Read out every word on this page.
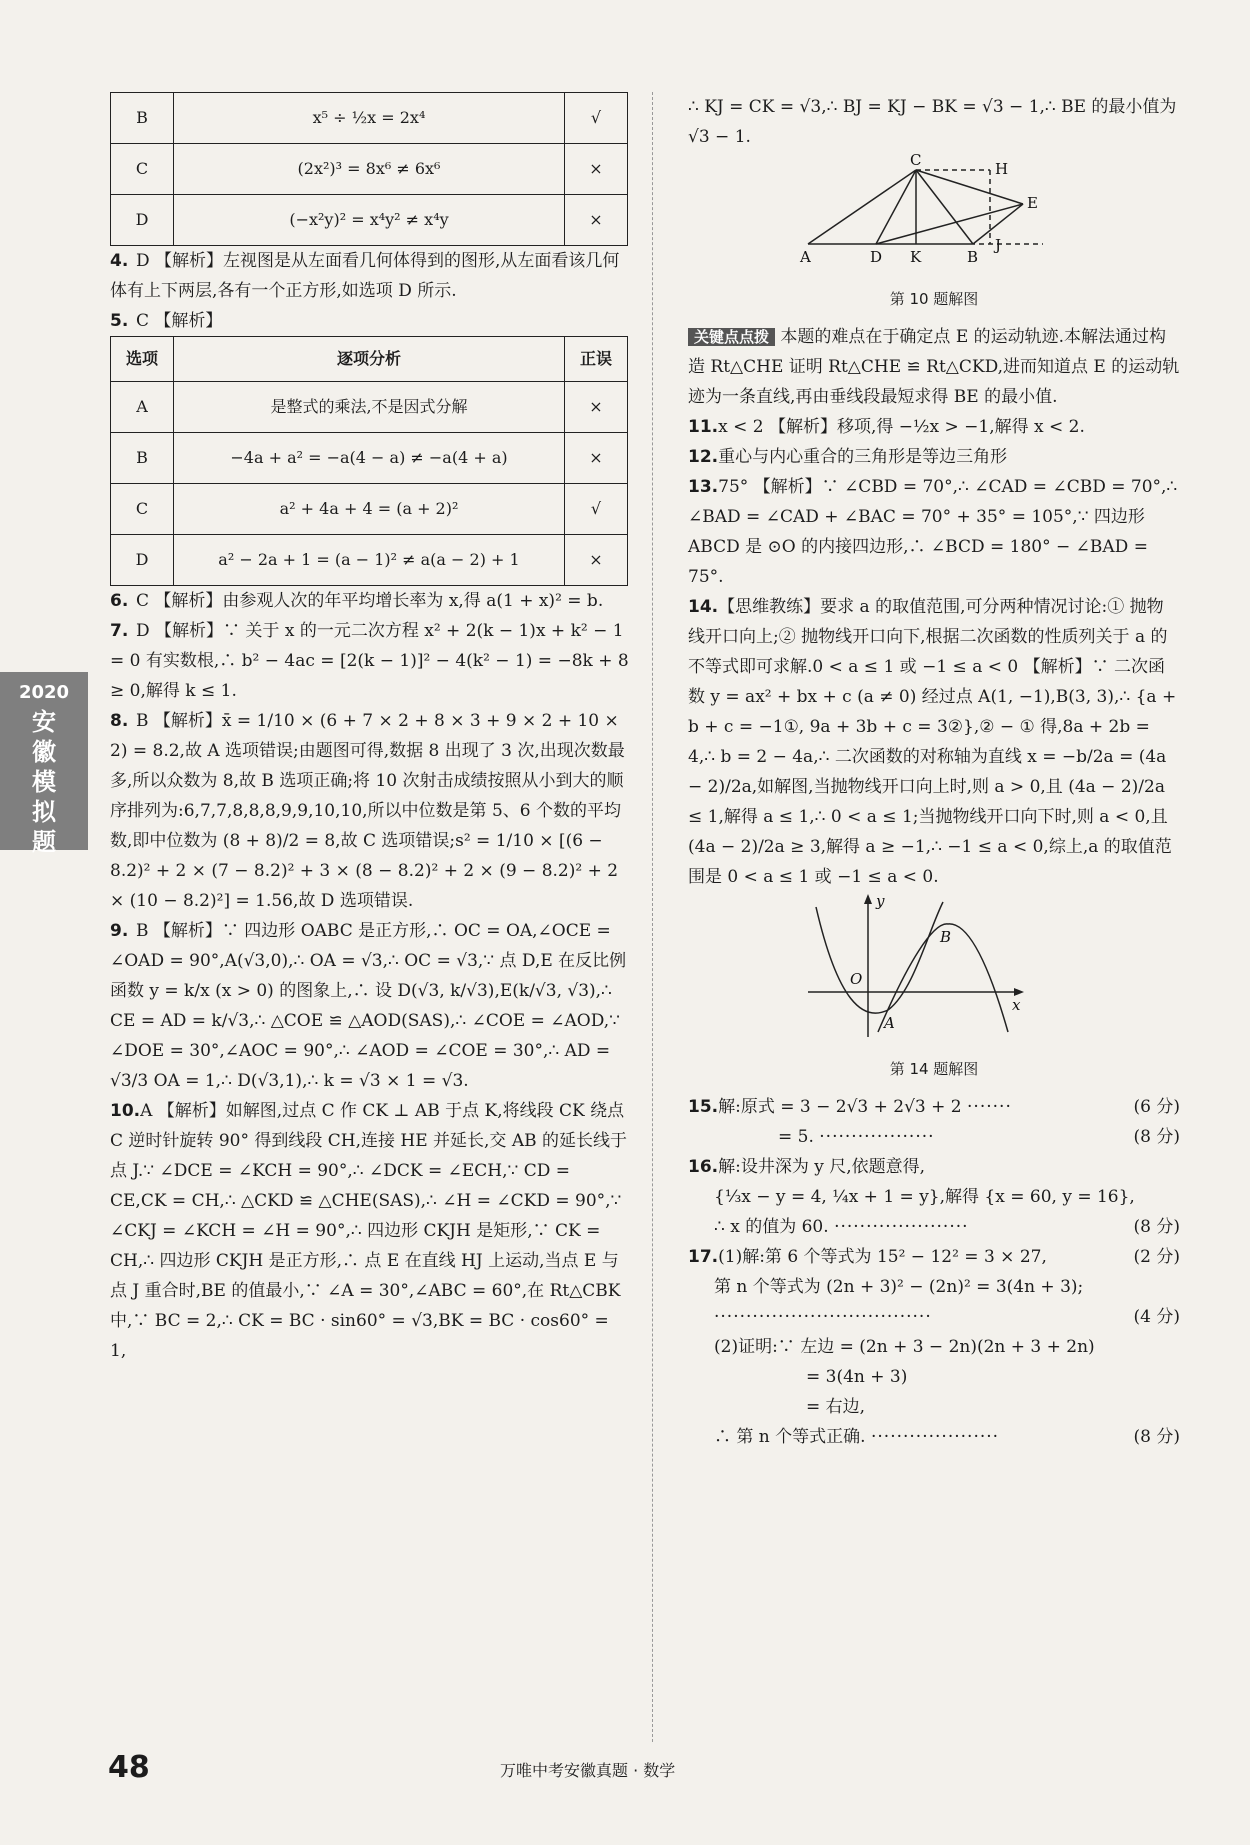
B	x⁵ ÷ ½x = 2x⁴	√
C	(2x²)³ = 8x⁶ ≠ 6x⁶	×
D	(−x²y)² = x⁴y² ≠ x⁴y	×

4. D 【解析】左视图是从左面看几何体得到的图形,从左面看该几何体有上下两层,各有一个正方形,如选项 D 所示.

5. C 【解析】

选项	逐项分析	正误
A	是整式的乘法,不是因式分解	×
B	−4a + a² = −a(4 − a) ≠ −a(4 + a)	×
C	a² + 4a + 4 = (a + 2)²	√
D	a² − 2a + 1 = (a − 1)² ≠ a(a − 2) + 1	×

6. C 【解析】由参观人次的年平均增长率为 x,得 a(1 + x)² = b.

7. D 【解析】∵ 关于 x 的一元二次方程 x² + 2(k − 1)x + k² − 1 = 0 有实数根,∴ b² − 4ac = [2(k − 1)]² − 4(k² − 1) = −8k + 8 ≥ 0,解得 k ≤ 1.

8. B 【解析】x̄ = 1/10 × (6 + 7 × 2 + 8 × 3 + 9 × 2 + 10 × 2) = 8.2,故 A 选项错误;由题图可得,数据 8 出现了 3 次,出现次数最多,所以众数为 8,故 B 选项正确;将 10 次射击成绩按照从小到大的顺序排列为:6,7,7,8,8,8,9,9,10,10,所以中位数是第 5、6 个数的平均数,即中位数为 (8 + 8)/2 = 8,故 C 选项错误;s² = 1/10 × [(6 − 8.2)² + 2 × (7 − 8.2)² + 3 × (8 − 8.2)² + 2 × (9 − 8.2)² + 2 × (10 − 8.2)²] = 1.56,故 D 选项错误.

9. B 【解析】∵ 四边形 OABC 是正方形,∴ OC = OA,∠OCE = ∠OAD = 90°,A(√3,0),∴ OA = √3,∴ OC = √3,∵ 点 D,E 在反比例函数 y = k/x (x > 0) 的图象上,∴ 设 D(√3, k/√3),E(k/√3, √3),∴ CE = AD = k/√3,∴ △COE ≌ △AOD(SAS),∴ ∠COE = ∠AOD,∵ ∠DOE = 30°,∠AOC = 90°,∴ ∠AOD = ∠COE = 30°,∴ AD = √3/3 OA = 1,∴ D(√3,1),∴ k = √3 × 1 = √3.

10.A 【解析】如解图,过点 C 作 CK ⊥ AB 于点 K,将线段 CK 绕点 C 逆时针旋转 90° 得到线段 CH,连接 HE 并延长,交 AB 的延长线于点 J.∵ ∠DCE = ∠KCH = 90°,∴ ∠DCK = ∠ECH,∵ CD = CE,CK = CH,∴ △CKD ≌ △CHE(SAS),∴ ∠H = ∠CKD = 90°,∵ ∠CKJ = ∠KCH = ∠H = 90°,∴ 四边形 CKJH 是矩形,∵ CK = CH,∴ 四边形 CKJH 是正方形,∴ 点 E 在直线 HJ 上运动,当点 E 与点 J 重合时,BE 的值最小,∵ ∠A = 30°,∠ABC = 60°,在 Rt△CBK 中,∵ BC = 2,∴ CK = BC · sin60° = √3,BK = BC · cos60° = 1,

∴ KJ = CK = √3,∴ BJ = KJ − BK = √3 − 1,∴ BE 的最小值为 √3 − 1.

C	H
E
J
A	D K	B
第 10 题解图

关键点点拨 本题的难点在于确定点 E 的运动轨迹.本解法通过构造 Rt△CHE 证明 Rt△CHE ≌ Rt△CKD,进而知道点 E 的运动轨迹为一条直线,再由垂线段最短求得 BE 的最小值.

11.x < 2 【解析】移项,得 −½x > −1,解得 x < 2.

12.重心与内心重合的三角形是等边三角形

13.75° 【解析】∵ ∠CBD = 70°,∴ ∠CAD = ∠CBD = 70°,∴ ∠BAD = ∠CAD + ∠BAC = 70° + 35° = 105°,∵ 四边形 ABCD 是 ⊙O 的内接四边形,∴ ∠BCD = 180° − ∠BAD = 75°.

14.【思维教练】要求 a 的取值范围,可分两种情况讨论:① 抛物线开口向上;② 抛物线开口向下,根据二次函数的性质列关于 a 的不等式即可求解.0 < a ≤ 1 或 −1 ≤ a < 0 【解析】∵ 二次函数 y = ax² + bx + c (a ≠ 0) 经过点 A(1, −1),B(3, 3),∴ {a + b + c = −1①, 9a + 3b + c = 3②},② − ① 得,8a + 2b = 4,∴ b = 2 − 4a,∴ 二次函数的对称轴为直线 x = −b/2a = (4a − 2)/2a,如解图,当抛物线开口向上时,则 a > 0,且 (4a − 2)/2a ≤ 1,解得 a ≤ 1,∴ 0 < a ≤ 1;当抛物线开口向下时,则 a < 0,且 (4a − 2)/2a ≥ 3,解得 a ≥ −1,∴ −1 ≤ a < 0,综上,a 的取值范围是 0 < a ≤ 1 或 −1 ≤ a < 0.

y
x
O
A
B
第 14 题解图
15.解:原式 = 3 − 2√3 + 2√3 + 2 ·······	(6 分)
= 5. ··················	(8 分)
16.解:设井深为 y 尺,依题意得,
{⅓x − y = 4, ¼x + 1 = y},解得 {x = 60, y = 16},
∴ x 的值为 60. ·····················	(8 分)
17.(1)解:第 6 个等式为 15² − 12² = 3 × 27,	(2 分)
第 n 个等式为 (2n + 3)² − (2n)² = 3(4n + 3);
··································	(4 分)
(2)证明:∵ 左边 = (2n + 3 − 2n)(2n + 3 + 2n)
= 3(4n + 3)
= 右边,
∴ 第 n 个等式正确. ····················	(8 分)
2020
安
徽
模
拟
题
48	万唯中考安徽真题 · 数学
